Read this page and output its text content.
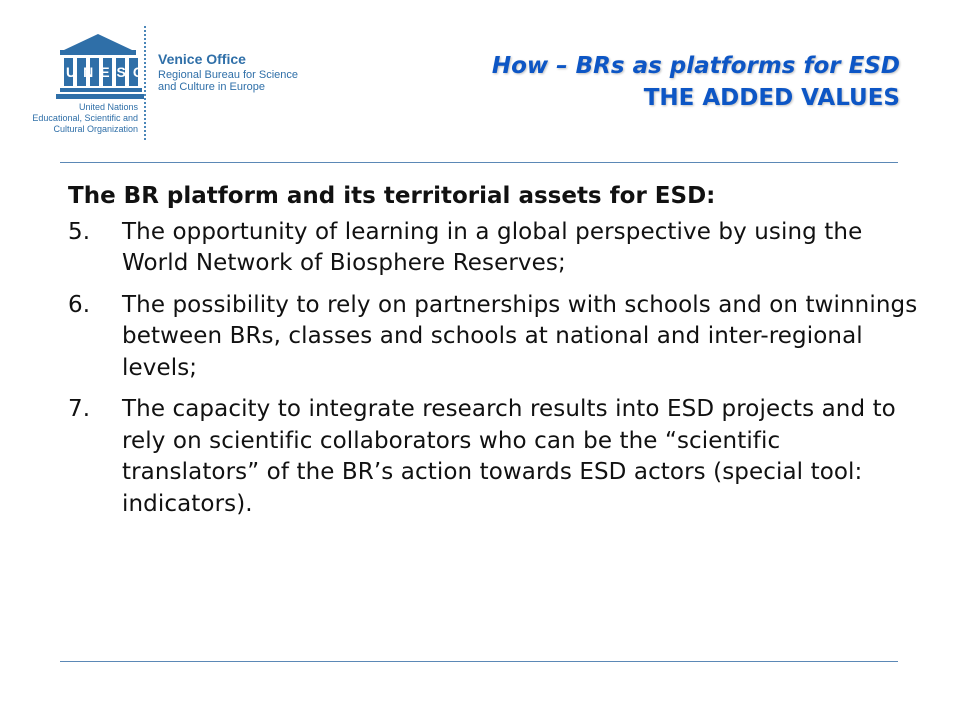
UNESCO
Venice Office
Regional Bureau for Science
and Culture in Europe
United Nations
Educational, Scientific and
Cultural Organization
How – BRs as platforms for ESD
THE ADDED VALUES

The BR platform and its territorial assets for ESD:

5. The opportunity of learning in a global perspective by using the World Network of Biosphere Reserves;
6. The possibility to rely on partnerships with schools and on twinnings between BRs, classes and schools at national and inter-regional levels;
7. The capacity to integrate research results into ESD projects and to rely on scientific collaborators who can be the “scientific translators” of the BR’s action towards ESD actors (special tool: indicators).
